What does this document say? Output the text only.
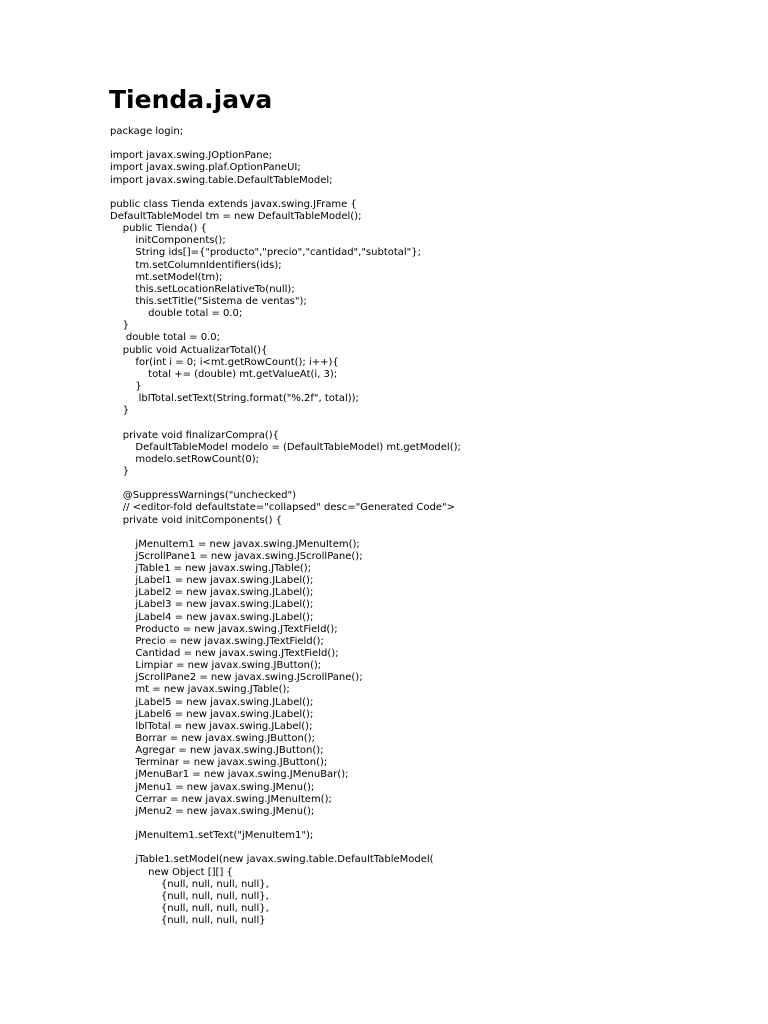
Tienda.java
package login;
import javax.swing.JOptionPane;
import javax.swing.plaf.OptionPaneUI;
import javax.swing.table.DefaultTableModel;
public class Tienda extends javax.swing.JFrame {
DefaultTableModel tm = new DefaultTableModel();
public Tienda() {
initComponents();
String ids[]={"producto","precio","cantidad","subtotal"};
tm.setColumnIdentifiers(ids);
mt.setModel(tm);
this.setLocationRelativeTo(null);
this.setTitle("Sistema de ventas");
double total = 0.0;
}
double total = 0.0;
public void ActualizarTotal(){
for(int i = 0; i<mt.getRowCount(); i++){
total += (double) mt.getValueAt(i, 3);
}
lblTotal.setText(String.format("%.2f", total));
}
private void finalizarCompra(){
DefaultTableModel modelo = (DefaultTableModel) mt.getModel();
modelo.setRowCount(0);
}
@SuppressWarnings("unchecked")
// <editor-fold defaultstate="collapsed" desc="Generated Code">
private void initComponents() {
jMenuItem1 = new javax.swing.JMenuItem();
jScrollPane1 = new javax.swing.JScrollPane();
jTable1 = new javax.swing.JTable();
jLabel1 = new javax.swing.JLabel();
jLabel2 = new javax.swing.JLabel();
jLabel3 = new javax.swing.JLabel();
jLabel4 = new javax.swing.JLabel();
Producto = new javax.swing.JTextField();
Precio = new javax.swing.JTextField();
Cantidad = new javax.swing.JTextField();
Limpiar = new javax.swing.JButton();
jScrollPane2 = new javax.swing.JScrollPane();
mt = new javax.swing.JTable();
jLabel5 = new javax.swing.JLabel();
jLabel6 = new javax.swing.JLabel();
lblTotal = new javax.swing.JLabel();
Borrar = new javax.swing.JButton();
Agregar = new javax.swing.JButton();
Terminar = new javax.swing.JButton();
jMenuBar1 = new javax.swing.JMenuBar();
jMenu1 = new javax.swing.JMenu();
Cerrar = new javax.swing.JMenuItem();
jMenu2 = new javax.swing.JMenu();
jMenuItem1.setText("jMenuItem1");
jTable1.setModel(new javax.swing.table.DefaultTableModel(
new Object [][] {
{null, null, null, null},
{null, null, null, null},
{null, null, null, null},
{null, null, null, null}
